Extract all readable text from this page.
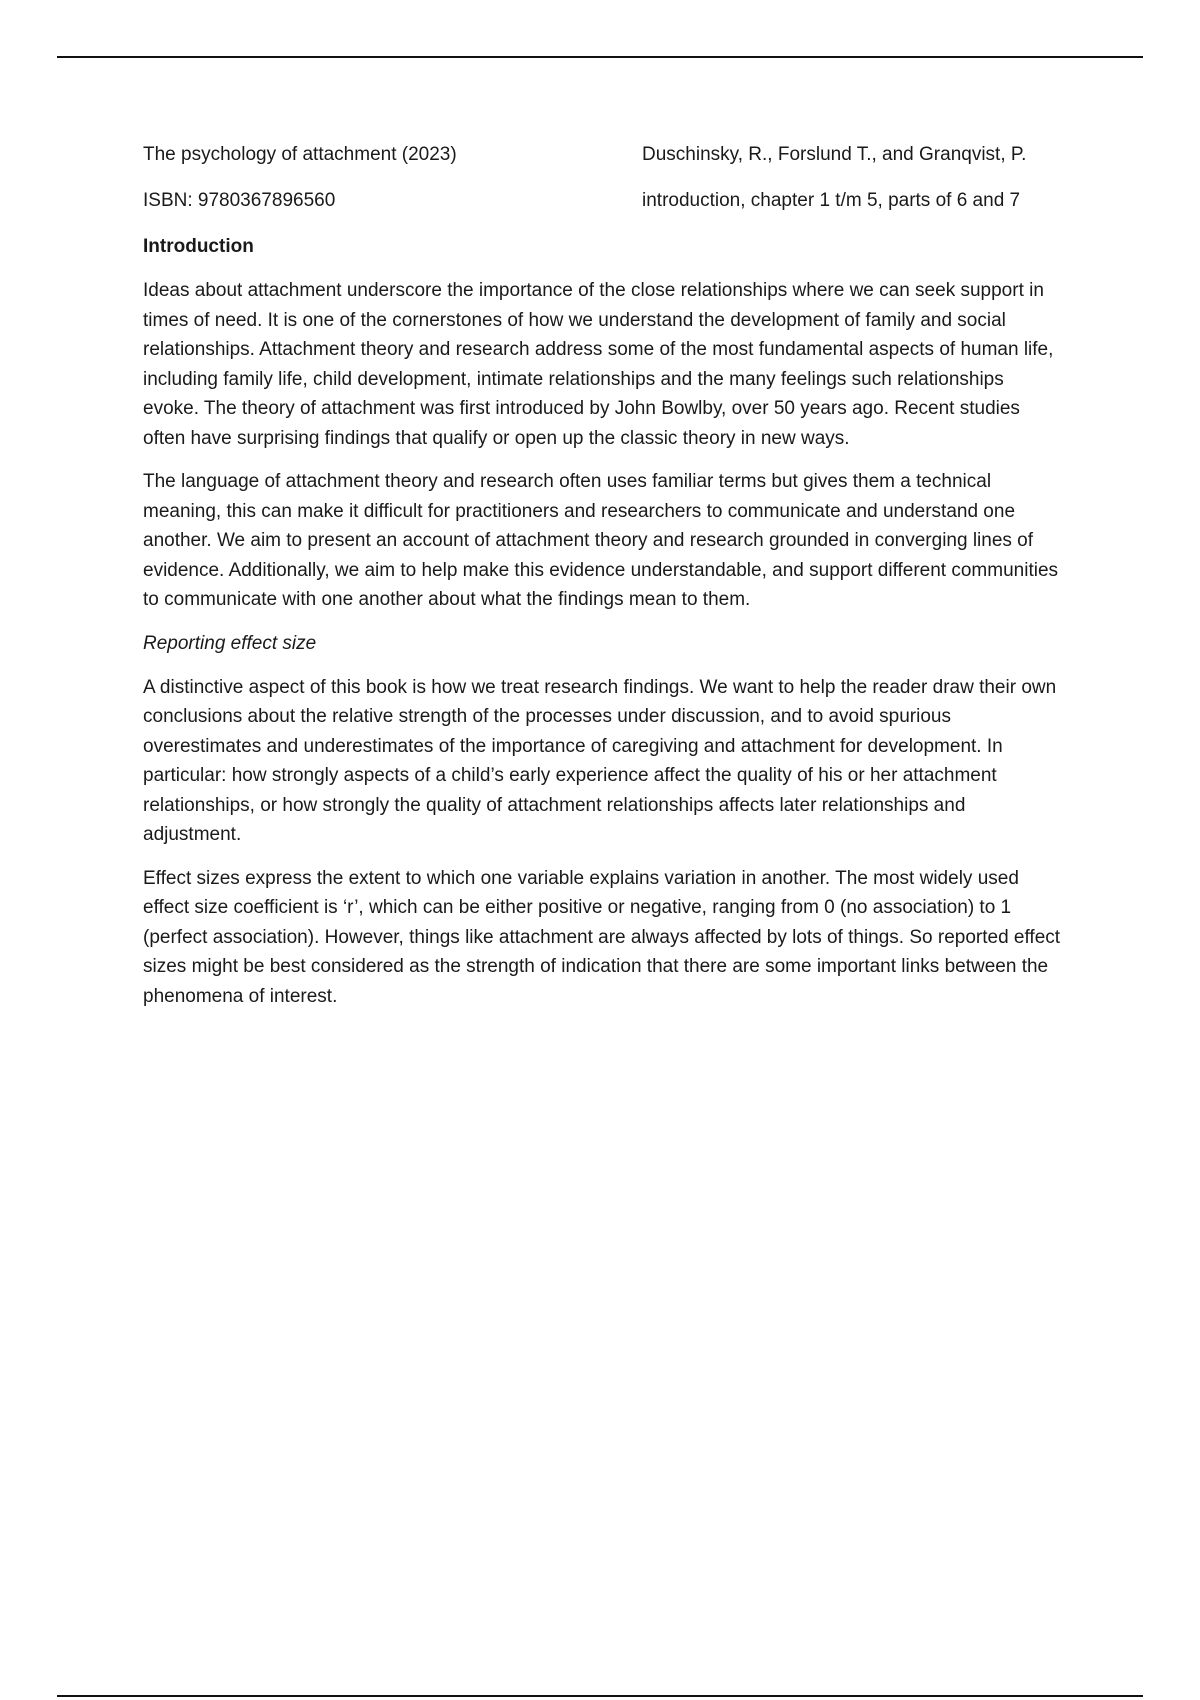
The psychology of attachment (2023)	Duschinsky, R., Forslund T., and Granqvist, P.
ISBN: 9780367896560	introduction, chapter 1 t/m 5, parts of 6 and 7
Introduction

Ideas about attachment underscore the importance of the close relationships where we can seek support in times of need. It is one of the cornerstones of how we understand the development of family and social relationships. Attachment theory and research address some of the most fundamental aspects of human life, including family life, child development, intimate relationships and the many feelings such relationships evoke. The theory of attachment was first introduced by John Bowlby, over 50 years ago. Recent studies often have surprising findings that qualify or open up the classic theory in new ways.

The language of attachment theory and research often uses familiar terms but gives them a technical meaning, this can make it difficult for practitioners and researchers to communicate and understand one another. We aim to present an account of attachment theory and research grounded in converging lines of evidence. Additionally, we aim to help make this evidence understandable, and support different communities to communicate with one another about what the findings mean to them.

Reporting effect size

A distinctive aspect of this book is how we treat research findings. We want to help the reader draw their own conclusions about the relative strength of the processes under discussion, and to avoid spurious overestimates and underestimates of the importance of caregiving and attachment for development. In particular: how strongly aspects of a child’s early experience affect the quality of his or her attachment relationships, or how strongly the quality of attachment relationships affects later relationships and adjustment.

Effect sizes express the extent to which one variable explains variation in another. The most widely used effect size coefficient is ‘r’, which can be either positive or negative, ranging from 0 (no association) to 1 (perfect association). However, things like attachment are always affected by lots of things. So reported effect sizes might be best considered as the strength of indication that there are some important links between the phenomena of interest.
